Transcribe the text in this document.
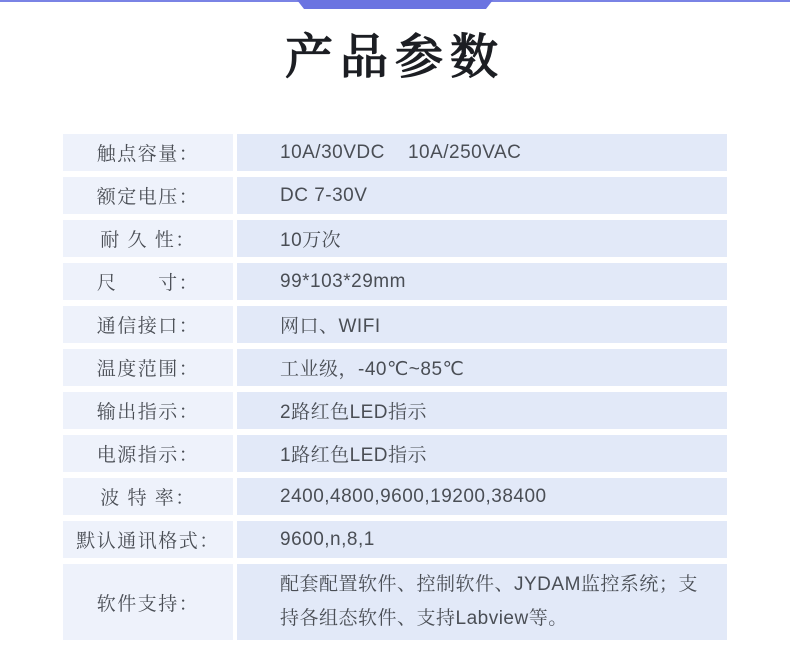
产品参数
触点容量：	10A/30VDC    10A/250VAC
额定电压：	DC 7-30V
耐 久 性：	10万次
尺      寸：	99*103*29mm
通信接口：	网口、WIFI
温度范围：	工业级，-40℃~85℃
输出指示：	2路红色LED指示
电源指示：	1路红色LED指示
波 特 率：	2400,4800,9600,19200,38400
默认通讯格式：	9600,n,8,1
软件支持：
配套配置软件、控制软件、JYDAM监控系统；支持各组态软件、支持Labview等。
